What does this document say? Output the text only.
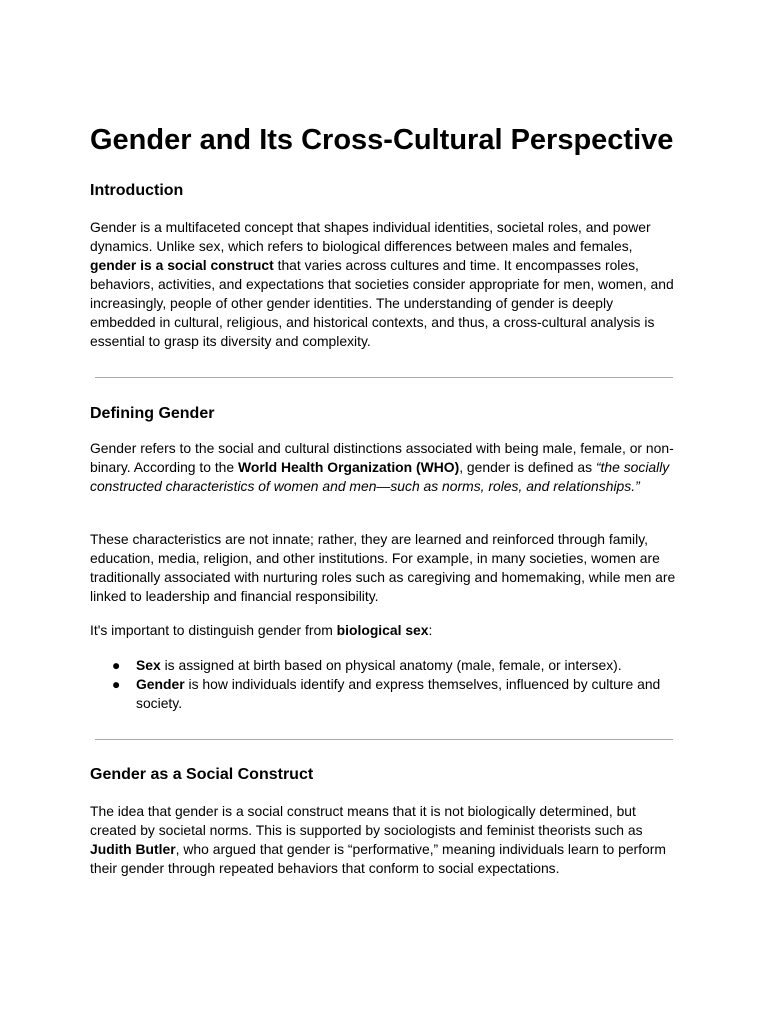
Gender and Its Cross-Cultural Perspective
Introduction

Gender is a multifaceted concept that shapes individual identities, societal roles, and power dynamics. Unlike sex, which refers to biological differences between males and females, gender is a social construct that varies across cultures and time. It encompasses roles, behaviors, activities, and expectations that societies consider appropriate for men, women, and increasingly, people of other gender identities. The understanding of gender is deeply embedded in cultural, religious, and historical contexts, and thus, a cross-cultural analysis is essential to grasp its diversity and complexity.

Defining Gender

Gender refers to the social and cultural distinctions associated with being male, female, or non-binary. According to the World Health Organization (WHO), gender is defined as “the socially constructed characteristics of women and men—such as norms, roles, and relationships.”

These characteristics are not innate; rather, they are learned and reinforced through family, education, media, religion, and other institutions. For example, in many societies, women are traditionally associated with nurturing roles such as caregiving and homemaking, while men are linked to leadership and financial responsibility.

It's important to distinguish gender from biological sex:

● Sex is assigned at birth based on physical anatomy (male, female, or intersex).
● Gender is how individuals identify and express themselves, influenced by culture and society.
Gender as a Social Construct

The idea that gender is a social construct means that it is not biologically determined, but created by societal norms. This is supported by sociologists and feminist theorists such as Judith Butler, who argued that gender is “performative,” meaning individuals learn to perform their gender through repeated behaviors that conform to social expectations.
